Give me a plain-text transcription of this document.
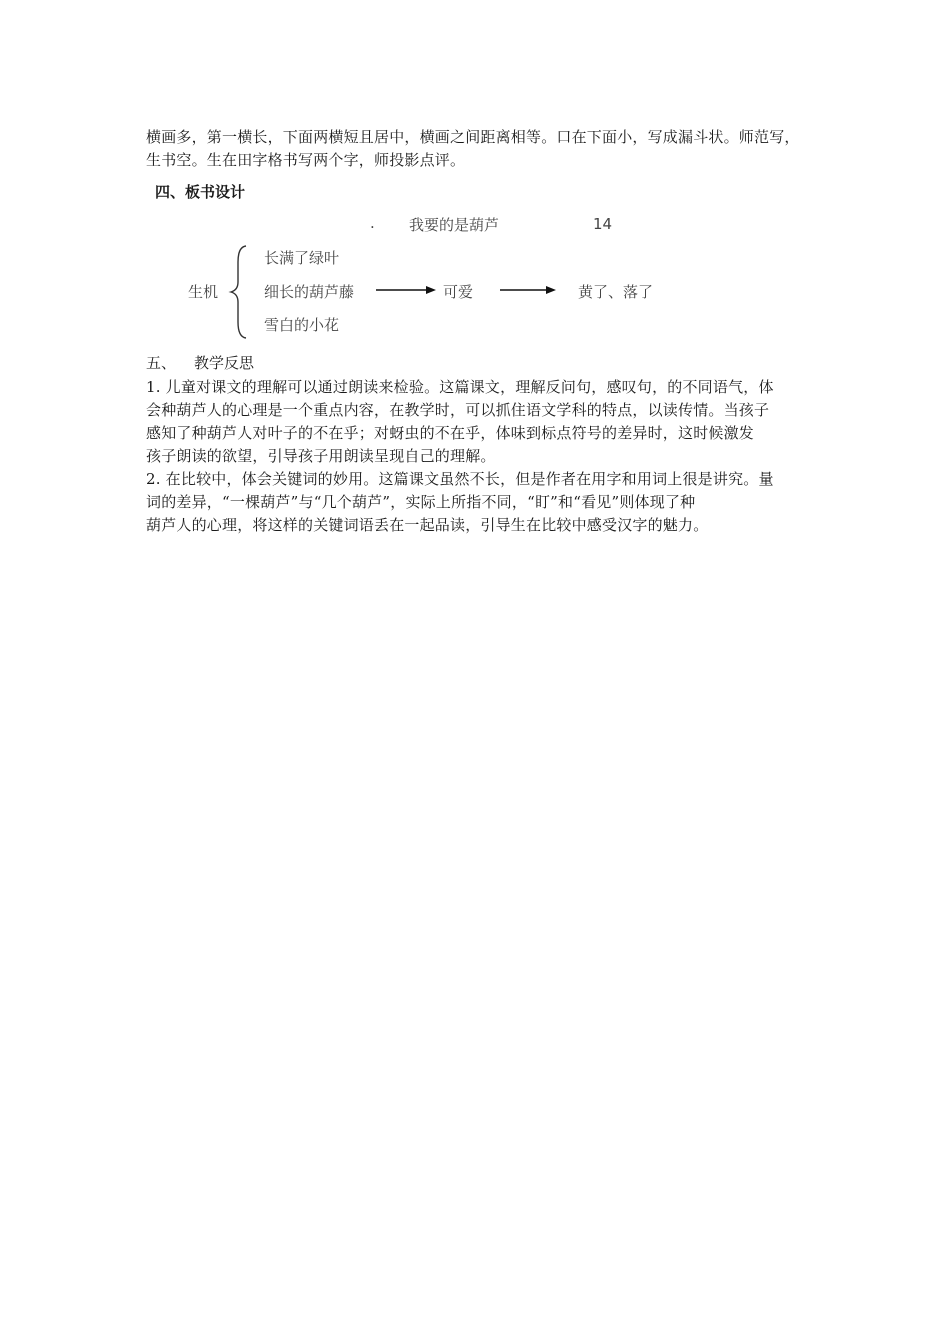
横画多，第一横长，下面两横短且居中，横画之间距离相等。口在下面小，写成漏斗状。师范写，

生书空。生在田字格书写两个字，师投影点评。

四、板书设计
. 我要的是葫芦	14
生机
长满了绿叶
细长的葫芦藤
雪白的小花
可爱	黄了、落了
五、 教学反思

1. 儿童对课文的理解可以通过朗读来检验。这篇课文，理解反问句，感叹句，的不同语气，体

会种葫芦人的心理是一个重点内容，在教学时，可以抓住语文学科的特点，以读传情。当孩子

感知了种葫芦人对叶子的不在乎；对蚜虫的不在乎，体味到标点符号的差异时，这时候激发

孩子朗读的欲望，引导孩子用朗读呈现自己的理解。

2. 在比较中，体会关键词的妙用。这篇课文虽然不长，但是作者在用字和用词上很是讲究。量

词的差异，“一棵葫芦”与“几个葫芦”，实际上所指不同，“盯”和“看见”则体现了种

葫芦人的心理，将这样的关键词语丢在一起品读，引导生在比较中感受汉字的魅力。
